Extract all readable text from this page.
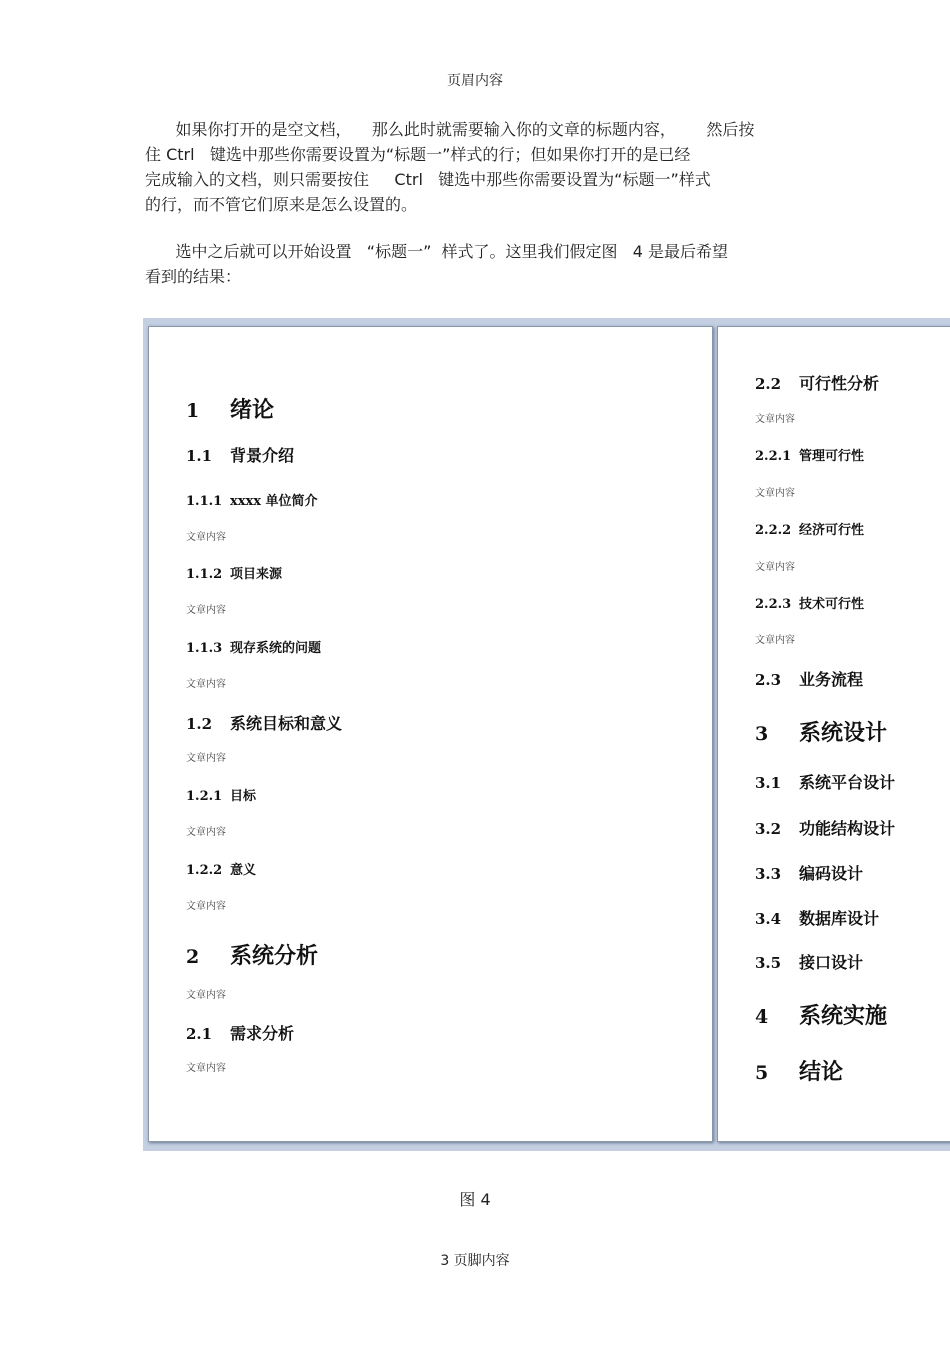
页眉内容
如果你打开的是空文档，    那么此时就需要输入你的文章的标题内容，      然后按
住 Ctrl   键选中那些你需要设置为“标题一”样式的行；但如果你打开的是已经
完成输入的文档，则只需要按住     Ctrl   键选中那些你需要设置为“标题一”样式
的行，而不管它们原来是怎么设置的。
选中之后就可以开始设置   “标题一”  样式了。这里我们假定图   4 是最后希望
看到的结果：
1 绪论
1.1 背景介绍
1.1.1 xxxx 单位简介
文章内容
1.1.2 项目来源
文章内容
1.1.3 现存系统的问题
文章内容
1.2 系统目标和意义
文章内容
1.2.1 目标
文章内容
1.2.2 意义
文章内容
2 系统分析
文章内容
2.1 需求分析
文章内容
2.2 可行性分析
文章内容
2.2.1 管理可行性
文章内容
2.2.2 经济可行性
文章内容
2.2.3 技术可行性
文章内容
2.3 业务流程
3 系统设计
3.1 系统平台设计
3.2 功能结构设计
3.3 编码设计
3.4 数据库设计
3.5 接口设计
4 系统实施
5 结论
图 4
3 页脚内容
